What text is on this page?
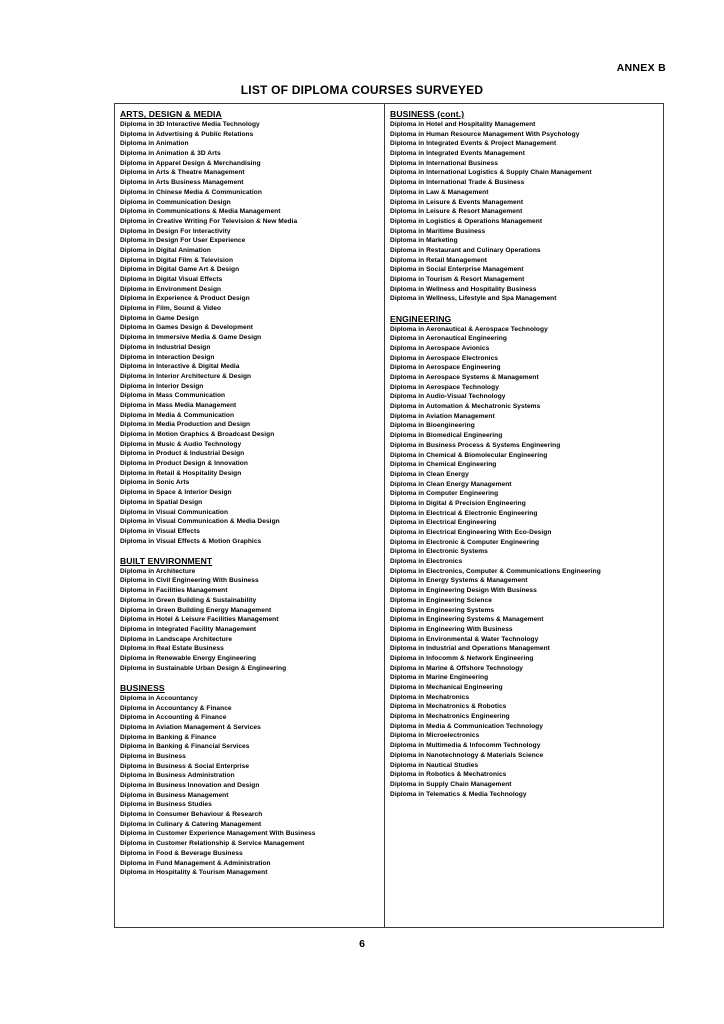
ANNEX B
LIST OF DIPLOMA COURSES SURVEYED
ARTS, DESIGN & MEDIA
Diploma in 3D Interactive Media Technology
Diploma in Advertising & Public Relations
Diploma in Animation
Diploma in Animation & 3D Arts
Diploma in Apparel Design & Merchandising
Diploma in Arts & Theatre Management
Diploma in Arts Business Management
Diploma in Chinese Media & Communication
Diploma in Communication Design
Diploma in Communications & Media Management
Diploma in Creative Writing For Television & New Media
Diploma in Design For Interactivity
Diploma in Design For User Experience
Diploma in Digital Animation
Diploma in Digital Film & Television
Diploma in Digital Game Art & Design
Diploma in Digital Visual Effects
Diploma in Environment Design
Diploma in Experience & Product Design
Diploma in Film, Sound & Video
Diploma in Game Design
Diploma in Games Design & Development
Diploma in Immersive Media & Game Design
Diploma in Industrial Design
Diploma in Interaction Design
Diploma in Interactive & Digital Media
Diploma in Interior Architecture & Design
Diploma in Interior Design
Diploma in Mass Communication
Diploma in Mass Media Management
Diploma in Media & Communication
Diploma in Media Production and Design
Diploma in Motion Graphics & Broadcast Design
Diploma in Music & Audio Technology
Diploma in Product & Industrial Design
Diploma in Product Design & Innovation
Diploma in Retail & Hospitality Design
Diploma in Sonic Arts
Diploma in Space & Interior Design
Diploma in Spatial Design
Diploma in Visual Communication
Diploma in Visual Communication & Media Design
Diploma in Visual Effects
Diploma in Visual Effects & Motion Graphics
BUILT ENVIRONMENT
Diploma in Architecture
Diploma in Civil Engineering With Business
Diploma in Facilities Management
Diploma in Green Building & Sustainability
Diploma in Green Building Energy Management
Diploma in Hotel & Leisure Facilities Management
Diploma in Integrated Facility Management
Diploma in Landscape Architecture
Diploma in Real Estate Business
Diploma in Renewable Energy Engineering
Diploma in Sustainable Urban Design & Engineering
BUSINESS
Diploma in Accountancy
Diploma in Accountancy & Finance
Diploma in Accounting & Finance
Diploma in Aviation Management & Services
Diploma in Banking & Finance
Diploma in Banking & Financial Services
Diploma in Business
Diploma in Business & Social Enterprise
Diploma in Business Administration
Diploma in Business Innovation and Design
Diploma in Business Management
Diploma in Business Studies
Diploma in Consumer Behaviour & Research
Diploma in Culinary & Catering Management
Diploma in Customer Experience Management With Business
Diploma in Customer Relationship & Service Management
Diploma in Food & Beverage Business
Diploma in Fund Management & Administration
Diploma in Hospitality & Tourism Management
BUSINESS (cont.)
Diploma in Hotel and Hospitality Management
Diploma in Human Resource Management With Psychology
Diploma in Integrated Events & Project Management
Diploma in Integrated Events Management
Diploma in International Business
Diploma in International Logistics & Supply Chain Management
Diploma in International Trade & Business
Diploma in Law & Management
Diploma in Leisure & Events Management
Diploma in Leisure & Resort Management
Diploma in Logistics & Operations Management
Diploma in Maritime Business
Diploma in Marketing
Diploma in Restaurant and Culinary Operations
Diploma in Retail Management
Diploma in Social Enterprise Management
Diploma in Tourism & Resort Management
Diploma in Wellness and Hospitality Business
Diploma in Wellness, Lifestyle and Spa Management
ENGINEERING
Diploma in Aeronautical & Aerospace Technology
Diploma in Aeronautical Engineering
Diploma in Aerospace Avionics
Diploma in Aerospace Electronics
Diploma in Aerospace Engineering
Diploma in Aerospace Systems & Management
Diploma in Aerospace Technology
Diploma in Audio-Visual Technology
Diploma in Automation & Mechatronic Systems
Diploma in Aviation Management
Diploma in Bioengineering
Diploma in Biomedical Engineering
Diploma in Business Process & Systems Engineering
Diploma in Chemical & Biomolecular Engineering
Diploma in Chemical Engineering
Diploma in Clean Energy
Diploma in Clean Energy Management
Diploma in Computer Engineering
Diploma in Digital & Precision Engineering
Diploma in Electrical & Electronic Engineering
Diploma in Electrical Engineering
Diploma in Electrical Engineering With Eco-Design
Diploma in Electronic & Computer Engineering
Diploma in Electronic Systems
Diploma in Electronics
Diploma in Electronics, Computer & Communications Engineering
Diploma in Energy Systems & Management
Diploma in Engineering Design With Business
Diploma in Engineering Science
Diploma in Engineering Systems
Diploma in Engineering Systems & Management
Diploma in Engineering With Business
Diploma in Environmental & Water Technology
Diploma in Industrial and Operations Management
Diploma in Infocomm & Network Engineering
Diploma in Marine & Offshore Technology
Diploma in Marine Engineering
Diploma in Mechanical Engineering
Diploma in Mechatronics
Diploma in Mechatronics & Robotics
Diploma in Mechatronics Engineering
Diploma in Media & Communication Technology
Diploma in Microelectronics
Diploma in Multimedia & Infocomm Technology
Diploma in Nanotechnology & Materials Science
Diploma in Nautical Studies
Diploma in Robotics & Mechatronics
Diploma in Supply Chain Management
Diploma in Telematics & Media Technology
6
